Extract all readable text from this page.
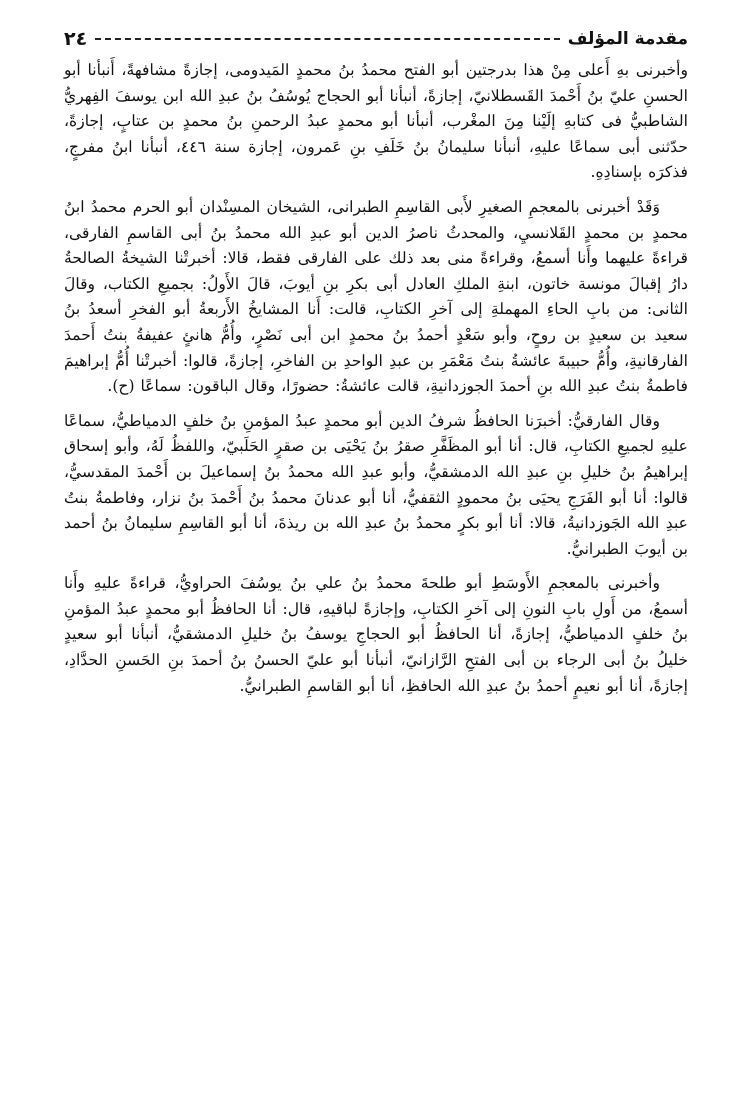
٢٤	مقدمة المؤلف

وأخبرنى بهِ أَعلى مِنْ هذا بدرجتين أبو الفتح محمدُ بنُ محمدٍ المَيدومى، إجازةً مشافهةً، أَنبأنا أبو الحسنِ عليّ بنُ أَحْمدَ القَسطلانيّ، إجازةً، أنبأنا أبو الحجاج يُوسُفُ بنُ عبدِ الله ابن يوسفَ الفِهريُّ الشاطبيُّ فى كتابهِ إلَيْنا مِنَ المغْرب، أنبأنا أبو محمدٍ عبدُ الرحمنِ بنُ محمدٍ بن عتابٍ، إجازةً، حدّثنى أبى سماعًا عليهِ، أنبأنا سليمانُ بنُ خَلَفِ بنِ عَمرون، إجازة سنة ٤٤٦، أنبأنا ابنُ مفرجٍ، فذكرَه بإسنادِهِ.

وَقَدْ أخبرنى بالمعجمِ الصغيرِ لأَبى القاسِمِ الطبرانى، الشيخان المسِنْدان أبو الحرم محمدُ ابنُ محمدٍ بن محمدٍ القَلانسيِ، والمحدثُ ناصرُ الدين أبو عبدِ الله محمدُ بنُ أبى القاسمِ الفارقى، قراءةً عليهما وأَنا أسمعُ، وقراءةً منى بعد ذلك على الفارقى فقط، قالا: أخبرتْنا الشيخةُ الصالحةُ دارُ إقبالَ مونسة خاتون، ابنةِ الملكِ العادل أبى بكرِ بنِ أيوبَ، قالَ الأَولُ: بجميعِ الكتاب، وقالَ الثانى: من بابِ الحاءِ المهملةِ إلى آخرِ الكتابِ، قالت: أَنا المشايخُ الأَربعةُ أبو الفخرِ أسعدُ بنُ سعيد بن سعيدٍ بن روحٍ، وأبو سَعْدٍ أحمدُ بنُ محمدٍ ابن أبى نَصْرٍ، وأُمُّ هانئٍ عفيفةُ بنتُ أَحمدَ الفارقانيةِ، وأُمُّ حبيبةَ عائشةُ بنتُ مَعْمَرِ بن عبدِ الواحدِ بن الفاخرِ، إجازةً، قالوا: أخبرتْنا أُمُّ إبراهيمَ فاطمةُ بنتُ عبدِ الله بنِ أحمدَ الجوزدانيةِ، قالت عائشةُ: حضورًا، وقال الباقون: سماعًا (ح).

وقال الفارقيُّ: أخبرَنا الحافظُ شرفُ الدين أبو محمدٍ عبدُ المؤمنِ بنُ خلفٍ الدمياطيُّ، سماعًا عليهِ لجميعِ الكتابِ، قال: أنا أبو المظَفَّرِ صقرُ بنُ يَحْيَى بن صقرٍ الحَلَبيّ، واللفظُ لَهُ، وأبو إسحاق إبراهيمُ بنُ خليلِ بنِ عبدِ الله الدمشقيُّ، وأبو عبدِ الله محمدُ بنُ إسماعيلَ بن أَحْمدَ المقدسيُّ، قالوا: أنا أبو الفَرَجِ يحيَى بنُ محمودٍ الثقفيُّ، أنا أبو عدنانَ محمدُ بنُ أَحْمدَ بنُ نزار، وفاطمةُ بنتُ عبدِ الله الجَوزدانيةُ، قالا: أنا أبو بكرٍ محمدُ بنُ عبدِ الله بن ريذةَ، أنا أبو القاسِمِ سليمانُ بنُ أحمد بن أيوبَ الطبرانيُّ.

وأخبرنى بالمعجمِ الأَوسَطِ أبو طلحةَ محمدُ بنُ علي بنُ يوسُفَ الحراويُّ، قراءةً عليهِ وأَنا أسمعُ، من أَولِ بابِ النونِ إلى آخرِ الكتابِ، وإجازةً لباقيهِ، قال: أنا الحافظُ أبو محمدٍ عبدُ المؤمنِ بنُ خلفٍ الدمياطيُّ، إجازةً، أنا الحافظُ أبو الحجاجِ يوسفُ بنُ خليلِ الدمشقيُّ، أنبأنا أبو سعيدٍ خليلُ بنُ أبى الرجاء بن أبى الفتحِ الرَّازانيّ، أنبأنا أبو عليّ الحسنُ بنُ أحمدَ بنِ الحَسنِ الحدَّادِ، إجازةً، أنا أبو نعيمٍ أحمدُ بنُ عبدِ الله الحافظِ، أنا أبو القاسمِ الطبرانيُّ.
